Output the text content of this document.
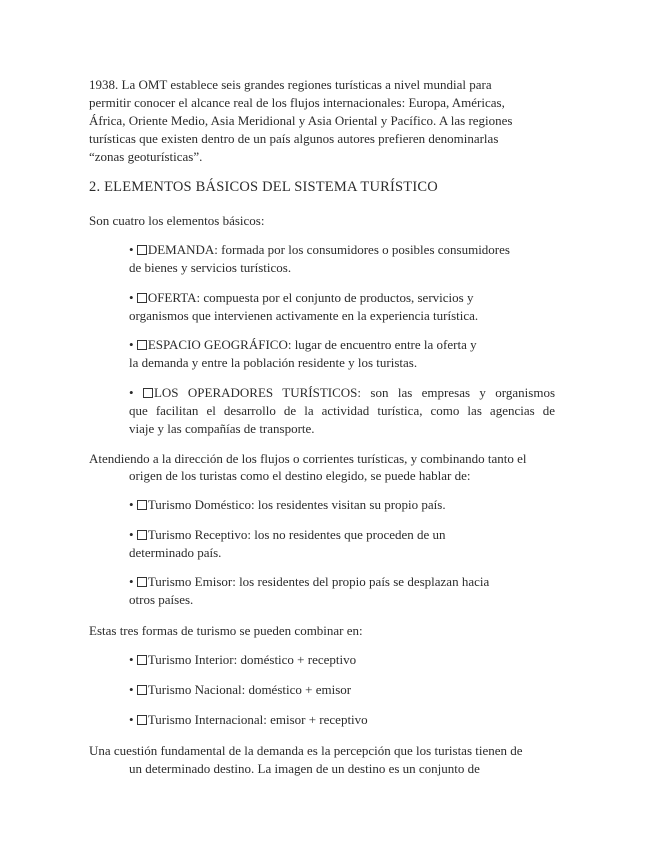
1938. La OMT establece seis grandes regiones turísticas a nivel mundial para
permitir conocer el alcance real de los flujos internacionales: Europa, Américas,
África, Oriente Medio, Asia Meridional y Asia Oriental y Pacífico. A las regiones
turísticas que existen dentro de un país algunos autores prefieren denominarlas
“zonas geoturísticas”.
2. ELEMENTOS BÁSICOS DEL SISTEMA TURÍSTICO
Son cuatro los elementos básicos:
• DEMANDA: formada por los consumidores o posibles consumidores
de bienes y servicios turísticos.
• OFERTA: compuesta por el conjunto de productos, servicios y
organismos que intervienen activamente en la experiencia turística.
• ESPACIO GEOGRÁFICO: lugar de encuentro entre la oferta y
la demanda y entre la población residente y los turistas.
• LOS OPERADORES TURÍSTICOS: son las empresas y organismos
que facilitan el desarrollo de la actividad turística, como las agencias de
viaje y las compañías de transporte.
Atendiendo a la dirección de los flujos o corrientes turísticas, y combinando tanto el
origen de los turistas como el destino elegido, se puede hablar de:
• Turismo Doméstico: los residentes visitan su propio país.
• Turismo Receptivo: los no residentes que proceden de un
determinado país.
• Turismo Emisor: los residentes del propio país se desplazan hacia
otros países.
Estas tres formas de turismo se pueden combinar en:
• Turismo Interior: doméstico + receptivo
• Turismo Nacional: doméstico + emisor
• Turismo Internacional: emisor + receptivo
Una cuestión fundamental de la demanda es la percepción que los turistas tienen de
un determinado destino. La imagen de un destino es un conjunto de
